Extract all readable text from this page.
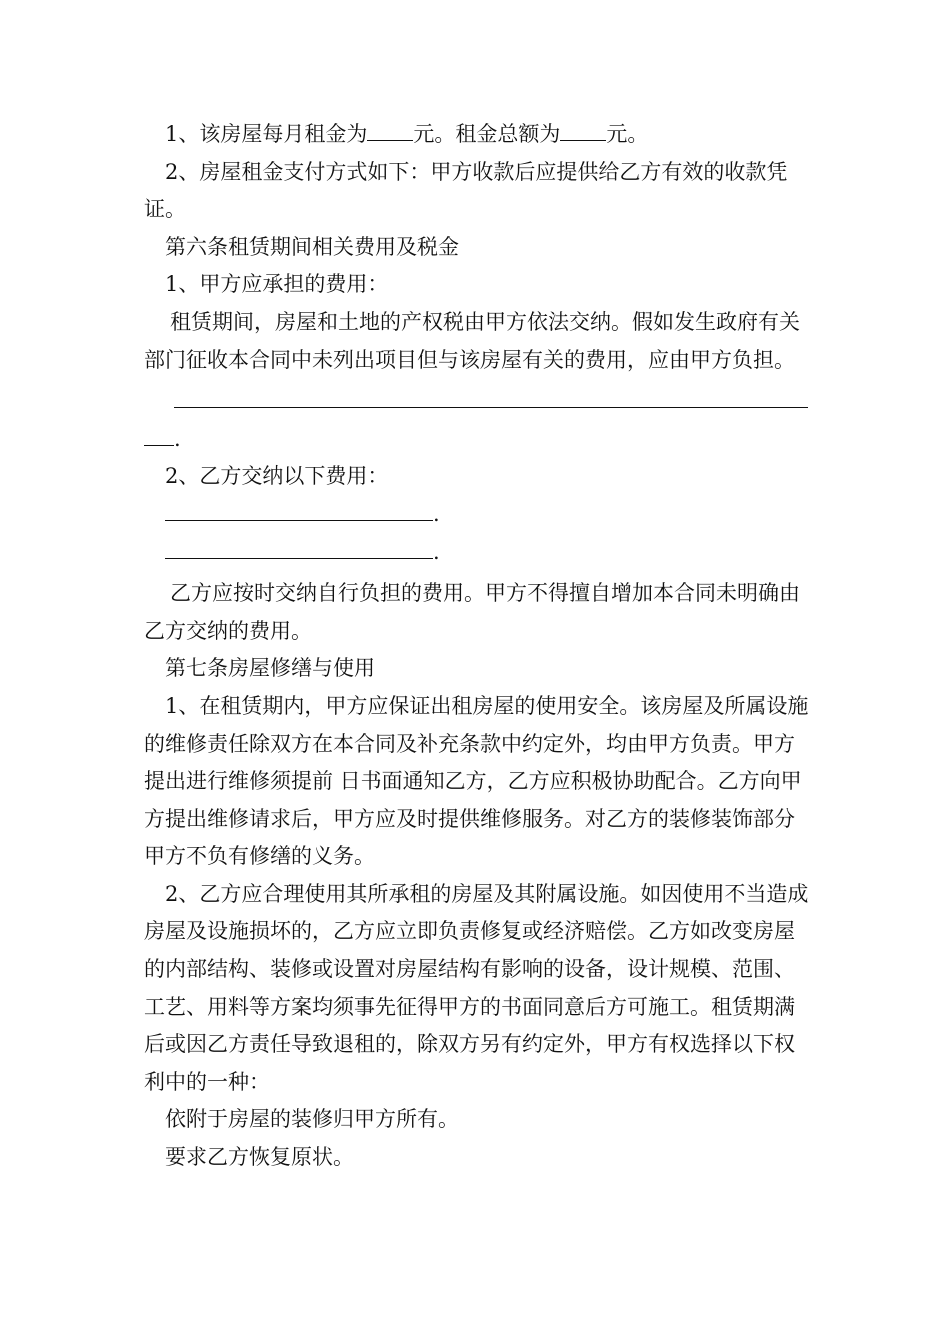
1、该房屋每月租金为 元。租金总额为 元。

2、房屋租金支付方式如下：甲方收款后应提供给乙方有效的收款凭证。

第六条租赁期间相关费用及税金

1、甲方应承担的费用：

租赁期间，房屋和土地的产权税由甲方依法交纳。假如发生政府有关部门征收本合同中未列出项目但与该房屋有关的费用，应由甲方负担。

.

2、乙方交纳以下费用：

.

.

乙方应按时交纳自行负担的费用。甲方不得擅自增加本合同未明确由乙方交纳的费用。

第七条房屋修缮与使用

1、在租赁期内，甲方应保证出租房屋的使用安全。该房屋及所属设施的维修责任除双方在本合同及补充条款中约定外，均由甲方负责。甲方提出进行维修须提前 日书面通知乙方，乙方应积极协助配合。乙方向甲方提出维修请求后，甲方应及时提供维修服务。对乙方的装修装饰部分甲方不负有修缮的义务。

2、乙方应合理使用其所承租的房屋及其附属设施。如因使用不当造成房屋及设施损坏的，乙方应立即负责修复或经济赔偿。乙方如改变房屋的内部结构、装修或设置对房屋结构有影响的设备，设计规模、范围、工艺、用料等方案均须事先征得甲方的书面同意后方可施工。租赁期满后或因乙方责任导致退租的，除双方另有约定外，甲方有权选择以下权利中的一种：

依附于房屋的装修归甲方所有。

要求乙方恢复原状。
